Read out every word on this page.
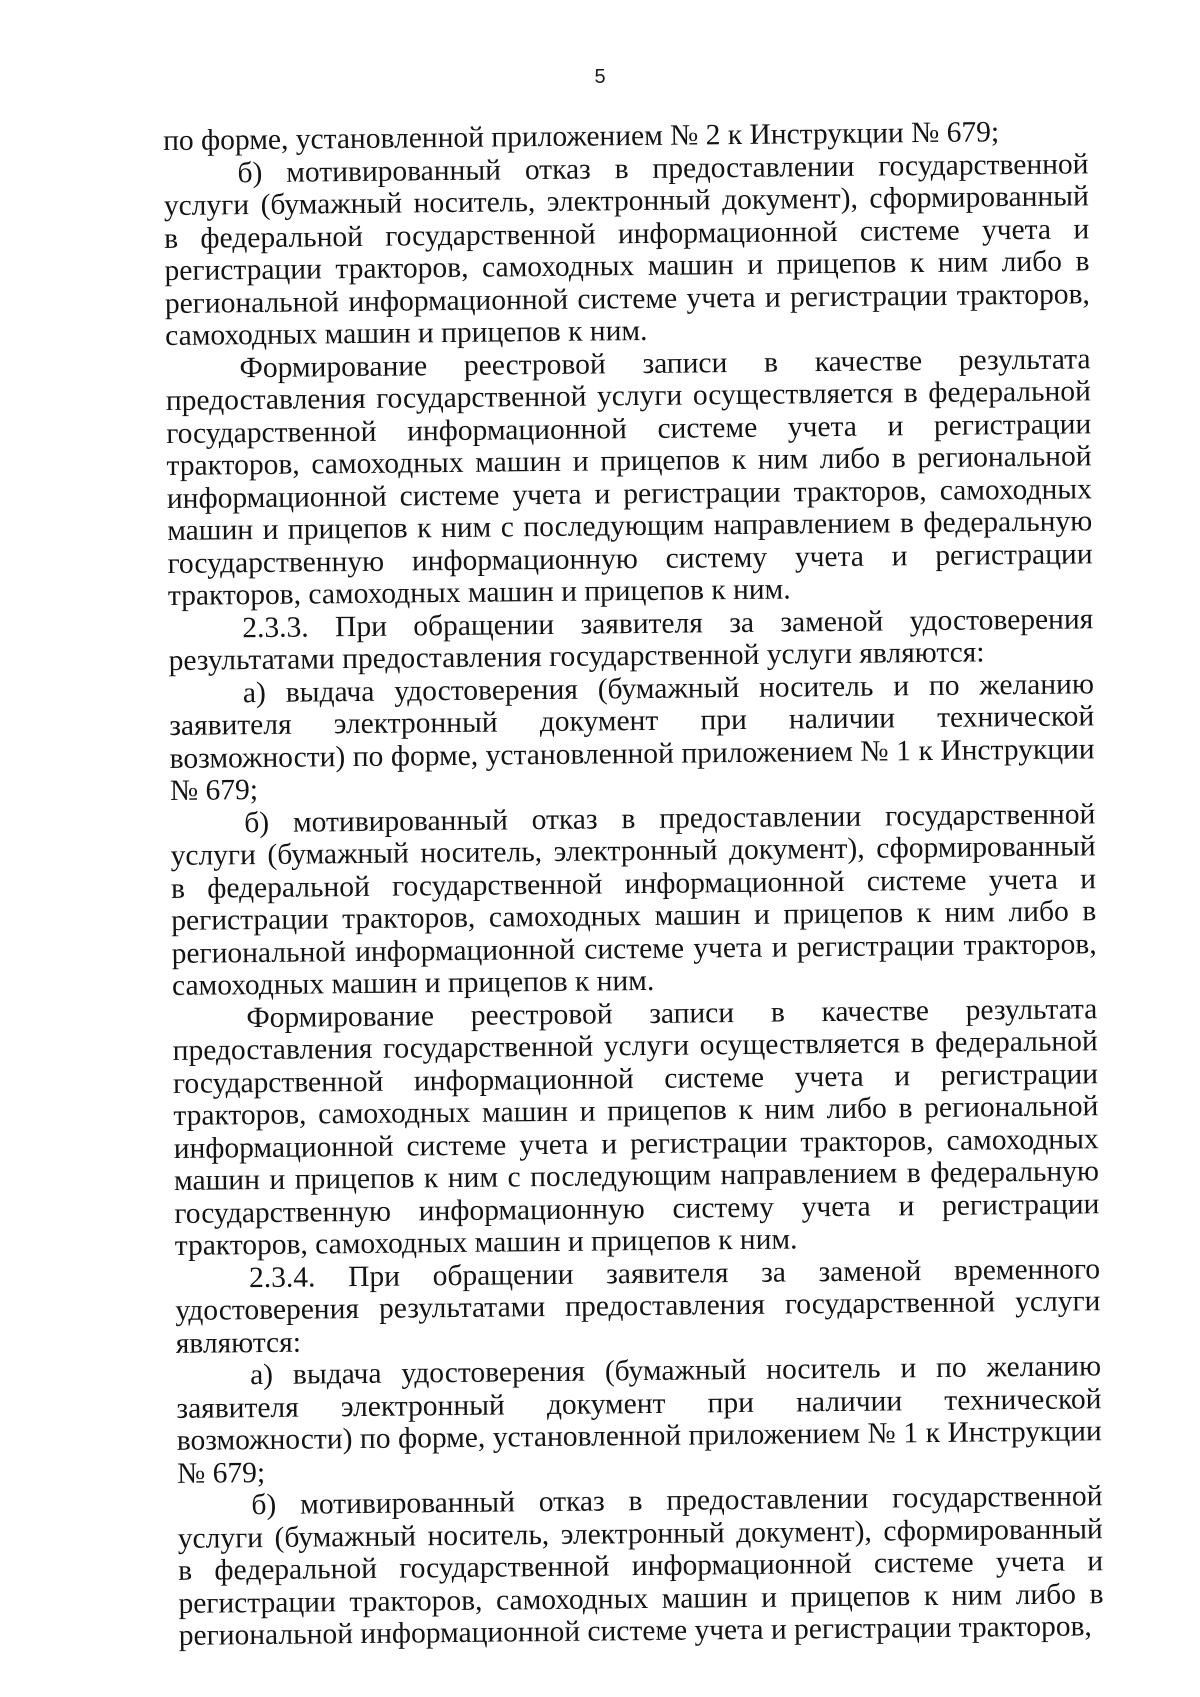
5

по форме, установленной приложением № 2 к Инструкции № 679;

б) мотивированный отказ в предоставлении государственной услуги (бумажный носитель, электронный документ), сформированный в федеральной государственной информационной системе учета и регистрации тракторов, самоходных машин и прицепов к ним либо в региональной информационной системе учета и регистрации тракторов, самоходных машин и прицепов к ним.

Формирование реестровой записи в качестве результата предоставления государственной услуги осуществляется в федеральной государственной информационной системе учета и регистрации тракторов, самоходных машин и прицепов к ним либо в региональной информационной системе учета и регистрации тракторов, самоходных машин и прицепов к ним с последующим направлением в федеральную государственную информационную систему учета и регистрации тракторов, самоходных машин и прицепов к ним.

2.3.3. При обращении заявителя за заменой удостоверения результатами предоставления государственной услуги являются:

а) выдача удостоверения (бумажный носитель и по желанию заявителя электронный документ при наличии технической возможности) по форме, установленной приложением № 1 к Инструкции № 679;

б) мотивированный отказ в предоставлении государственной услуги (бумажный носитель, электронный документ), сформированный в федеральной государственной информационной системе учета и регистрации тракторов, самоходных машин и прицепов к ним либо в региональной информационной системе учета и регистрации тракторов, самоходных машин и прицепов к ним.

Формирование реестровой записи в качестве результата предоставления государственной услуги осуществляется в федеральной государственной информационной системе учета и регистрации тракторов, самоходных машин и прицепов к ним либо в региональной информационной системе учета и регистрации тракторов, самоходных машин и прицепов к ним с последующим направлением в федеральную государственную информационную систему учета и регистрации тракторов, самоходных машин и прицепов к ним.

2.3.4. При обращении заявителя за заменой временного удостоверения результатами предоставления государственной услуги являются:

а) выдача удостоверения (бумажный носитель и по желанию заявителя электронный документ при наличии технической возможности) по форме, установленной приложением № 1 к Инструкции № 679;

б) мотивированный отказ в предоставлении государственной услуги (бумажный носитель, электронный документ), сформированный в федеральной государственной информационной системе учета и регистрации тракторов, самоходных машин и прицепов к ним либо в региональной информационной системе учета и регистрации тракторов,
